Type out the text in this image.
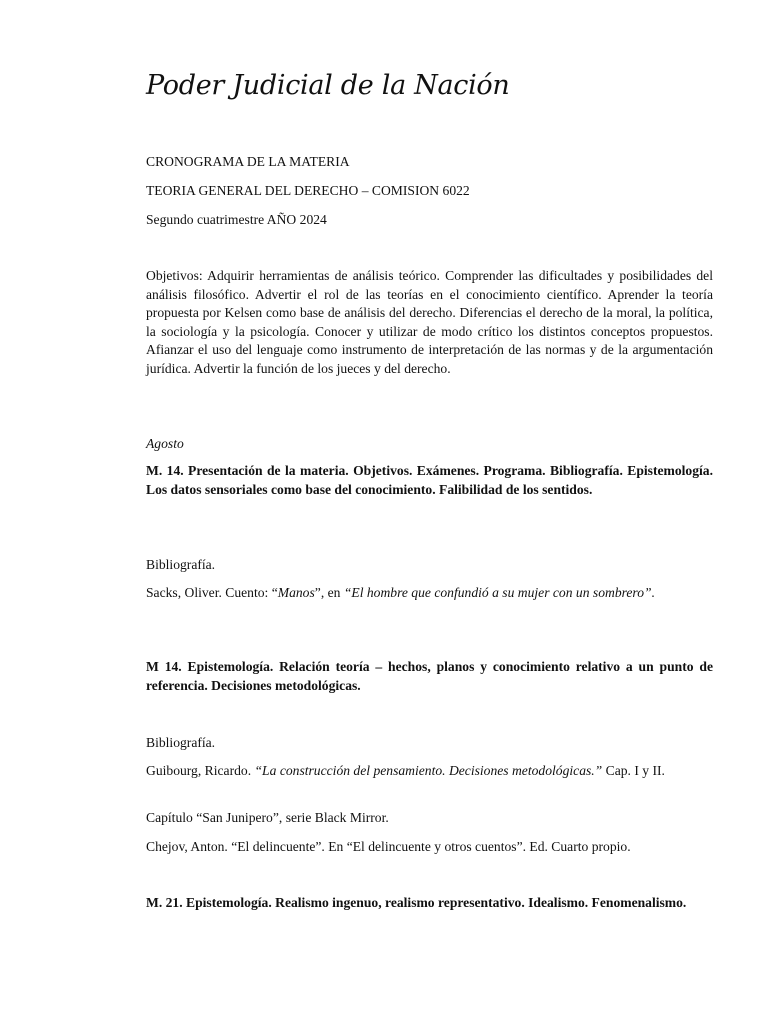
Poder Judicial de la Nación

CRONOGRAMA DE LA MATERIA

TEORIA GENERAL DEL DERECHO – COMISION 6022

Segundo cuatrimestre AÑO 2024

Objetivos: Adquirir herramientas de análisis teórico. Comprender las dificultades y posibilidades del análisis filosófico. Advertir el rol de las teorías en el conocimiento científico. Aprender la teoría propuesta por Kelsen como base de análisis del derecho. Diferencias el derecho de la moral, la política, la sociología y la psicología. Conocer y utilizar de modo crítico los distintos conceptos propuestos. Afianzar el uso del lenguaje como instrumento de interpretación de las normas y de la argumentación jurídica. Advertir la función de los jueces y del derecho.

Agosto

M. 14. Presentación de la materia. Objetivos. Exámenes. Programa. Bibliografía. Epistemología. Los datos sensoriales como base del conocimiento. Falibilidad de los sentidos.

Bibliografía.

Sacks, Oliver. Cuento: “Manos”, en “El hombre que confundió a su mujer con un sombrero”.

M 14. Epistemología. Relación teoría – hechos, planos y conocimiento relativo a un punto de referencia. Decisiones metodológicas.

Bibliografía.

Guibourg, Ricardo. “La construcción del pensamiento. Decisiones metodológicas.” Cap. I y II.

Capítulo “San Junipero”, serie Black Mirror.

Chejov, Anton. “El delincuente”. En “El delincuente y otros cuentos”. Ed. Cuarto propio.

M. 21. Epistemología. Realismo ingenuo, realismo representativo. Idealismo. Fenomenalismo.
